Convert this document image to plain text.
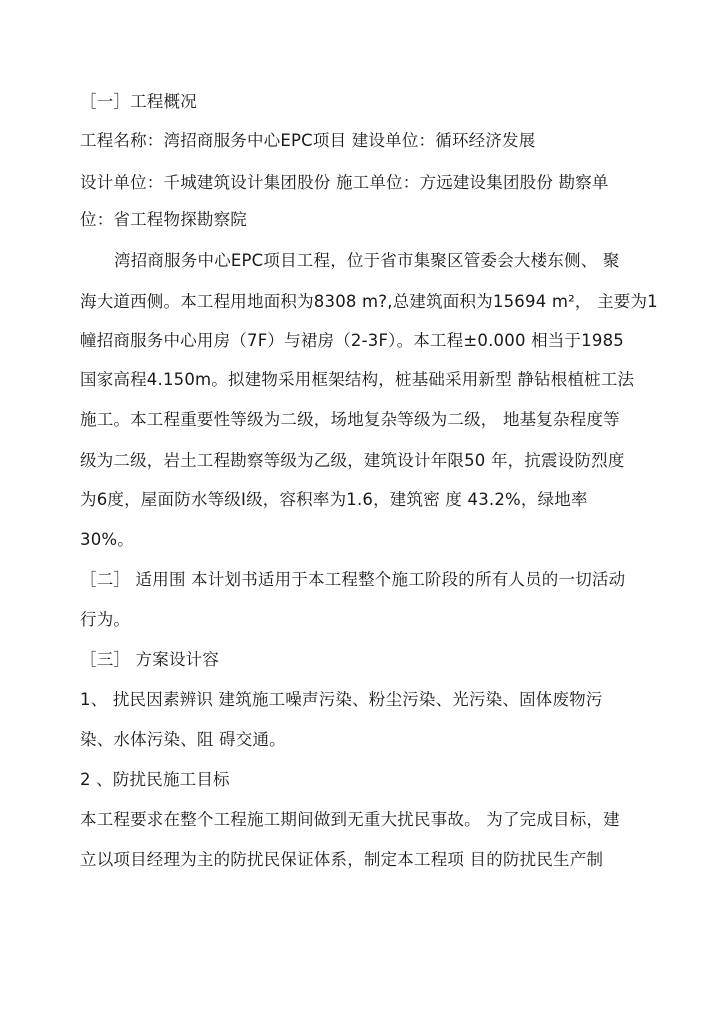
［一］工程概况
工程名称：湾招商服务中心EPC项目 建设单位：循环经济发展
设计单位：千城建筑设计集团股份 施工单位：方远建设集团股份 勘察单
位：省工程物探勘察院
湾招商服务中心EPC项目工程，位于省市集聚区管委会大楼东侧、 聚
海大道西侧。本工程用地面积为8308 m?,总建筑面积为15694 m²， 主要为1
幢招商服务中心用房（7F）与裙房（2-3F）。本工程±0.000 相当于1985
国家高程4.150m。拟建物采用框架结构，桩基础采用新型 静钻根植桩工法
施工。本工程重要性等级为二级，场地复杂等级为二级， 地基复杂程度等
级为二级，岩土工程勘察等级为乙级，建筑设计年限50 年，抗震设防烈度
为6度，屋面防水等级I级，容积率为1.6，建筑密 度 43.2%，绿地率
30%。
［二］ 适用围 本计划书适用于本工程整个施工阶段的所有人员的一切活动
行为。
［三］ 方案设计容
1、 扰民因素辨识 建筑施工噪声污染、粉尘污染、光污染、固体废物污
染、水体污染、阻 碍交通。
2 、防扰民施工目标
本工程要求在整个工程施工期间做到无重大扰民事故。 为了完成目标，建
立以项目经理为主的防扰民保证体系，制定本工程项 目的防扰民生产制
